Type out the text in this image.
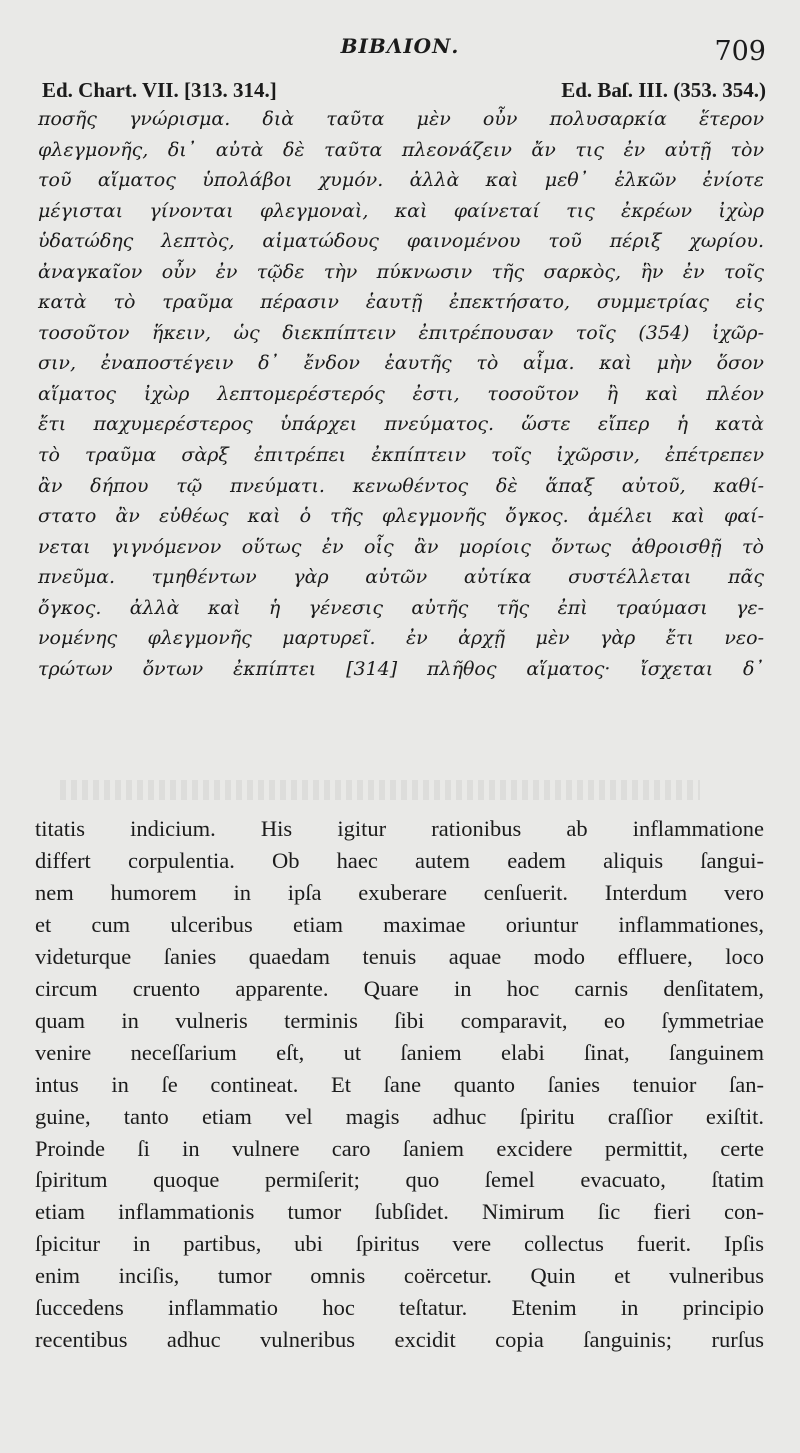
BIBΛΙΟΝ.	709
Ed. Chart. VII. [313. 314.]	Ed. Baſ. III. (353. 354.)
ποσῆς γνώρισμα. διὰ ταῦτα μὲν οὖν πολυσαρκία ἕτερον
φλεγμονῆς, δι᾽ αὐτὰ δὲ ταῦτα πλεονάζειν ἄν τις ἐν αὐτῇ τὸν
τοῦ αἵματος ὑπολάβοι χυμόν. ἀλλὰ καὶ μεθ᾽ ἑλκῶν ἐνίοτε
μέγισται γίνονται φλεγμοναὶ, καὶ φαίνεταί τις ἐκρέων ἰχὼρ
ὑδατώδης λεπτὸς, αἱματώδους φαινομένου τοῦ πέριξ χωρίου.
ἀναγκαῖον οὖν ἐν τῷδε τὴν πύκνωσιν τῆς σαρκὸς, ἣν ἐν τοῖς
κατὰ τὸ τραῦμα πέρασιν ἑαυτῇ ἐπεκτήσατο, συμμετρίας εἰς
τοσοῦτον ἥκειν, ὡς διεκπίπτειν ἐπιτρέπουσαν τοῖς (354) ἰχῶρ-
σιν, ἐναποστέγειν δ᾽ ἔνδον ἑαυτῆς τὸ αἷμα. καὶ μὴν ὅσον
αἵματος ἰχὼρ λεπτομερέστερός ἐστι, τοσοῦτον ἢ καὶ πλέον
ἔτι παχυμερέστερος ὑπάρχει πνεύματος. ὥστε εἴπερ ἡ κατὰ
τὸ τραῦμα σὰρξ ἐπιτρέπει ἐκπίπτειν τοῖς ἰχῶρσιν, ἐπέτρεπεν
ἂν δήπου τῷ πνεύματι. κενωθέντος δὲ ἅπαξ αὐτοῦ, καθί-
στατο ἂν εὐθέως καὶ ὁ τῆς φλεγμονῆς ὄγκος. ἀμέλει καὶ φαί-
νεται γιγνόμενον οὕτως ἐν οἷς ἂν μορίοις ὄντως ἀθροισθῇ τὸ
πνεῦμα. τμηθέντων γὰρ αὐτῶν αὐτίκα συστέλλεται πᾶς
ὄγκος. ἀλλὰ καὶ ἡ γένεσις αὐτῆς τῆς ἐπὶ τραύμασι γε-
νομένης φλεγμονῆς μαρτυρεῖ. ἐν ἀρχῇ μὲν γὰρ ἔτι νεο-
τρώτων ὄντων ἐκπίπτει [314] πλῆθος αἵματος· ἴσχεται δ᾽
titatis indicium. His igitur rationibus ab inflammatione
differt corpulentia. Ob haec autem eadem aliquis ſangui-
nem humorem in ipſa exuberare cenſuerit. Interdum vero
et cum ulceribus etiam maximae oriuntur inflammationes,
videturque ſanies quaedam tenuis aquae modo effluere, loco
circum cruento apparente. Quare in hoc carnis denſitatem,
quam in vulneris terminis ſibi comparavit, eo ſymmetriae
venire neceſſarium eſt, ut ſaniem elabi ſinat, ſanguinem
intus in ſe contineat. Et ſane quanto ſanies tenuior ſan-
guine, tanto etiam vel magis adhuc ſpiritu craſſior exiſtit.
Proinde ſi in vulnere caro ſaniem excidere permittit, certe
ſpiritum quoque permiſerit; quo ſemel evacuato, ſtatim
etiam inflammationis tumor ſubſidet. Nimirum ſic fieri con-
ſpicitur in partibus, ubi ſpiritus vere collectus fuerit. Ipſis
enim inciſis, tumor omnis coërcetur. Quin et vulneribus
ſuccedens inflammatio hoc teſtatur. Etenim in principio
recentibus adhuc vulneribus excidit copia ſanguinis; rurſus
